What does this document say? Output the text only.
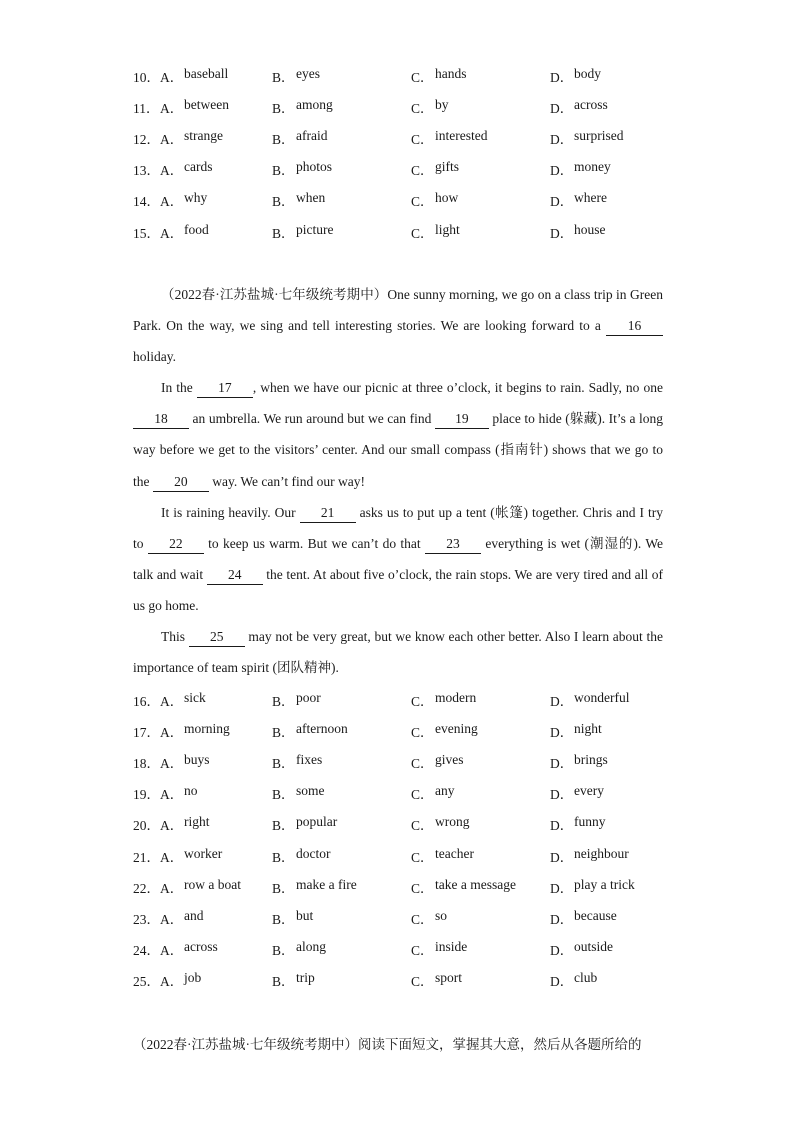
10． A． baseball	B． eyes	C． hands	D． body
11． A． between	B． among	C． by	D． across
12． A． strange	B． afraid	C． interested	D． surprised
13． A． cards	B． photos	C． gifts	D． money
14． A． why	B． when	C． how	D． where
15． A． food	B． picture	C． light	D． house

（2022春·江苏盐城·七年级统考期中）One sunny morning, we go on a class trip in Green Park. On the way, we sing and tell interesting stories. We are looking forward to a 16 holiday.

In the 17 , when we have our picnic at three o’clock, it begins to rain. Sadly, no one 18 an umbrella. We run around but we can find 19 place to hide (躲藏). It’s a long way before we get to the visitors’ center. And our small compass (指南针) shows that we go to the 20 way. We can’t find our way!

It is raining heavily. Our 21 asks us to put up a tent (帐篷) together. Chris and I try to 22 to keep us warm. But we can’t do that 23 everything is wet (潮湿的). We talk and wait 24 the tent. At about five o’clock, the rain stops. We are very tired and all of us go home.

This 25 may not be very great, but we know each other better. Also I learn about the importance of team spirit (团队精神).

16． A． sick	B． poor	C． modern	D． wonderful
17． A． morning	B． afternoon	C． evening	D． night
18． A． buys	B． fixes	C． gives	D． brings
19． A． no	B． some	C． any	D． every
20． A． right	B． popular	C． wrong	D． funny
21． A． worker	B． doctor	C． teacher	D． neighbour
22． A． row a boat B． make a fire	C． take a message	D． play a trick
23． A． and	B． but	C． so	D． because
24． A． across	B． along	C． inside	D． outside
25． A． job	B． trip	C． sport	D． club
（2022春·江苏盐城·七年级统考期中）阅读下面短文，掌握其大意，然后从各题所给的
